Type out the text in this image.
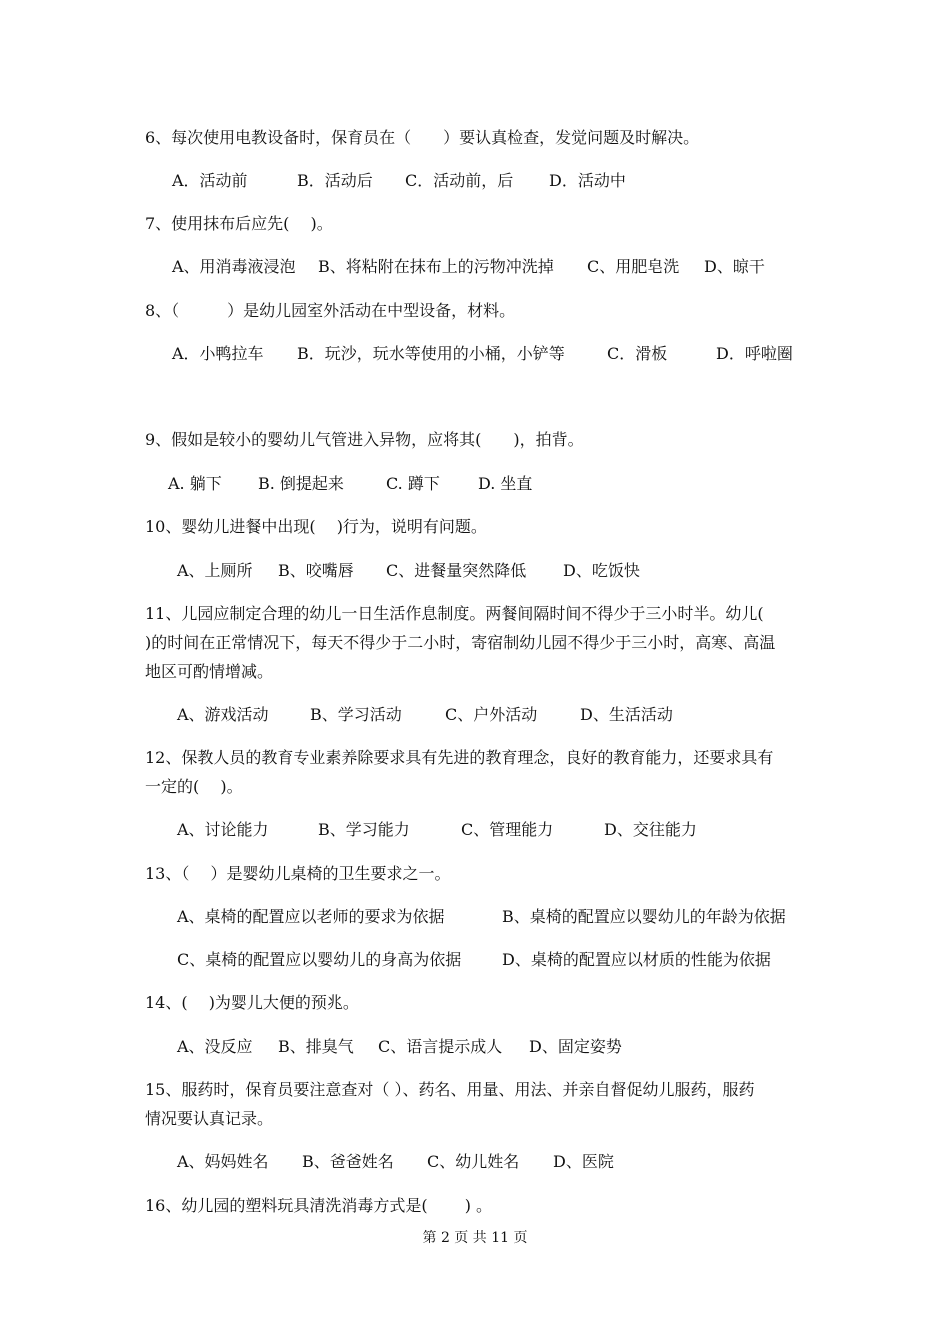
6、每次使用电教设备时，保育员在（　　）要认真检查，发觉问题及时解决。
A．活动前	B．活动后 C．活动前，后 D．活动中
7、使用抹布后应先(　 )。
A、用消毒液浸泡 B、将粘附在抹布上的污物冲洗掉 C、用肥皂洗 D、晾干
8、（　　　）是幼儿园室外活动在中型设备，材料。
A．小鸭拉车 B．玩沙，玩水等使用的小桶，小铲等	C．滑板	D．呼啦圈
9、假如是较小的婴幼儿气管进入异物，应将其(　　)，拍背。
A. 躺下 B. 倒提起来	C. 蹲下 D. 坐直
10、婴幼儿进餐中出现(　 )行为，说明有问题。
A、上厕所 B、咬嘴唇 C、进餐量突然降低 D、吃饭快
11、儿园应制定合理的幼儿一日生活作息制度。两餐间隔时间不得少于三小时半。幼儿(
)的时间在正常情况下，每天不得少于二小时，寄宿制幼儿园不得少于三小时，高寒、高温
地区可酌情增减。
A、游戏活动	B、学习活动	C、户外活动	D、生活活动
12、保教人员的教育专业素养除要求具有先进的教育理念，良好的教育能力，还要求具有
一定的(　 )。
A、讨论能力	B、学习能力	C、管理能力	D、交往能力
13、（　 ）是婴幼儿桌椅的卫生要求之一。
A、桌椅的配置应以老师的要求为依据	B、桌椅的配置应以婴幼儿的年龄为依据
C、桌椅的配置应以婴幼儿的身高为依据	D、桌椅的配置应以材质的性能为依据
14、(　 )为婴儿大便的预兆。
A、没反应 B、排臭气 C、语言提示成人 D、固定姿势
15、服药时，保育员要注意查对（ ）、药名、用量、用法、并亲自督促幼儿服药，服药
情况要认真记录。
A、妈妈姓名 B、爸爸姓名 C、幼儿姓名 D、医院
16、幼儿园的塑料玩具清洗消毒方式是(　　 ) 。
第 2 页 共 11 页
